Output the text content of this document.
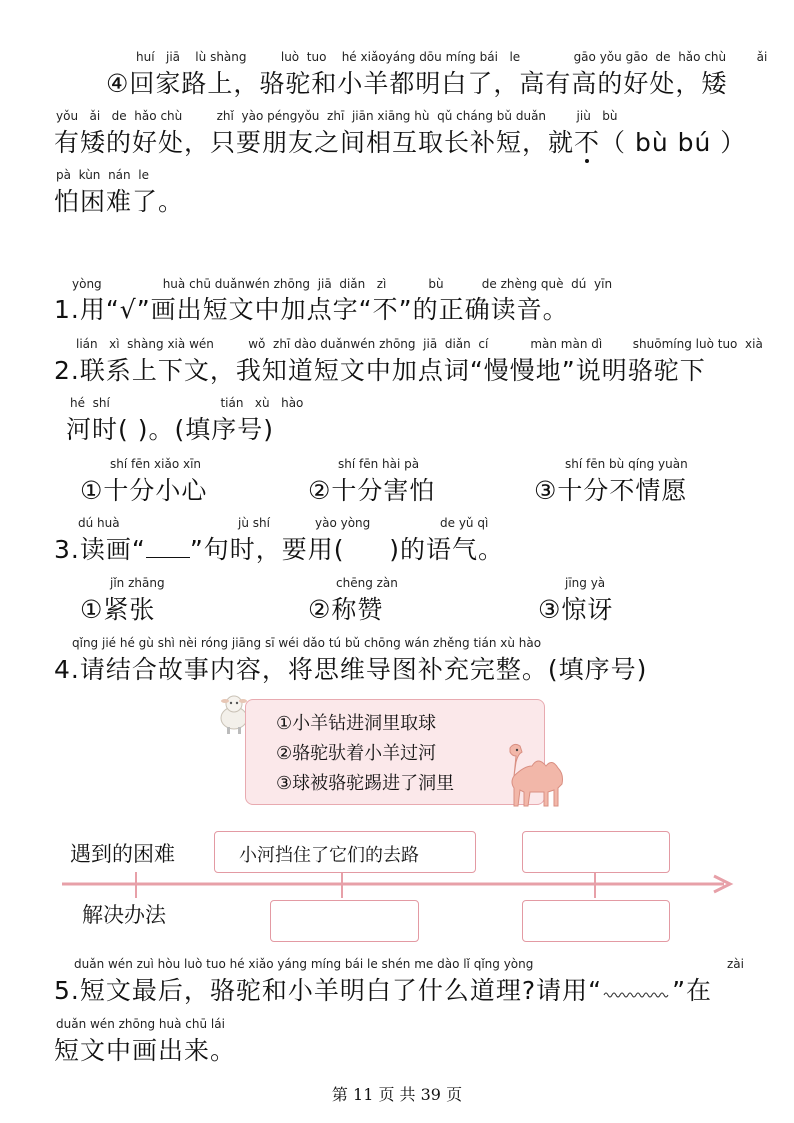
huí jiā lù shàng	luò tuo hé xiǎoyáng dōu míng bái le	gāo yǒu gāo de hǎo chù	ǎi
④回家路上，骆驼和小羊都明白了，高有高的好处，矮
yǒu ǎi de hǎo chù	zhǐ yào péngyǒu zhī jiān xiāng hù qǔ cháng bǔ duǎn	jiù bù
有矮的好处，只要朋友之间相互取长补短，就不（ bù bú ）
pà kùn nán le
怕困难了。
yòng	huà chū duǎnwén zhōng jiā diǎn zì	bù	de zhèng què dú yīn
1.用“√”画出短文中加点字“不”的正确读音。
lián xì shàng xià wén	wǒ zhī dào duǎnwén zhōng jiā diǎn cí	màn màn dì	shuōmíng luò tuo xià
2.联系上下文，我知道短文中加点词“慢慢地”说明骆驼下
hé shí	tián xù hào
河时( )。(填序号)
shí fēn xiǎo xīn
①十分小心
shí fēn hài pà
②十分害怕
shí fēn bù qíng yuàn
③十分不情愿
dú huà	jù shí	yào yòng	de yǔ qì
3.读画“ ”句时，要用( )的语气。
jǐn zhāng
①紧张
chēng zàn
②称赞
jīng yà
③惊讶
qǐng jié hé gù shì nèi róng jiāng sī wéi dǎo tú bǔ chōng wán zhěng tián xù hào
4.请结合故事内容，将思维导图补充完整。(填序号)
①小羊钻进洞里取球
②骆驼驮着小羊过河
③球被骆驼踢进了洞里
遇到的困难
解决办法
小河挡住了它们的去路
duǎn wén zuì hòu luò tuo hé xiǎo yáng míng bái le shén me dào lǐ qǐng yòng	zài
5.短文最后，骆驼和小羊明白了什么道理?请用“	”在
duǎn wén zhōng huà chū lái
短文中画出来。
第 11 页 共 39 页
